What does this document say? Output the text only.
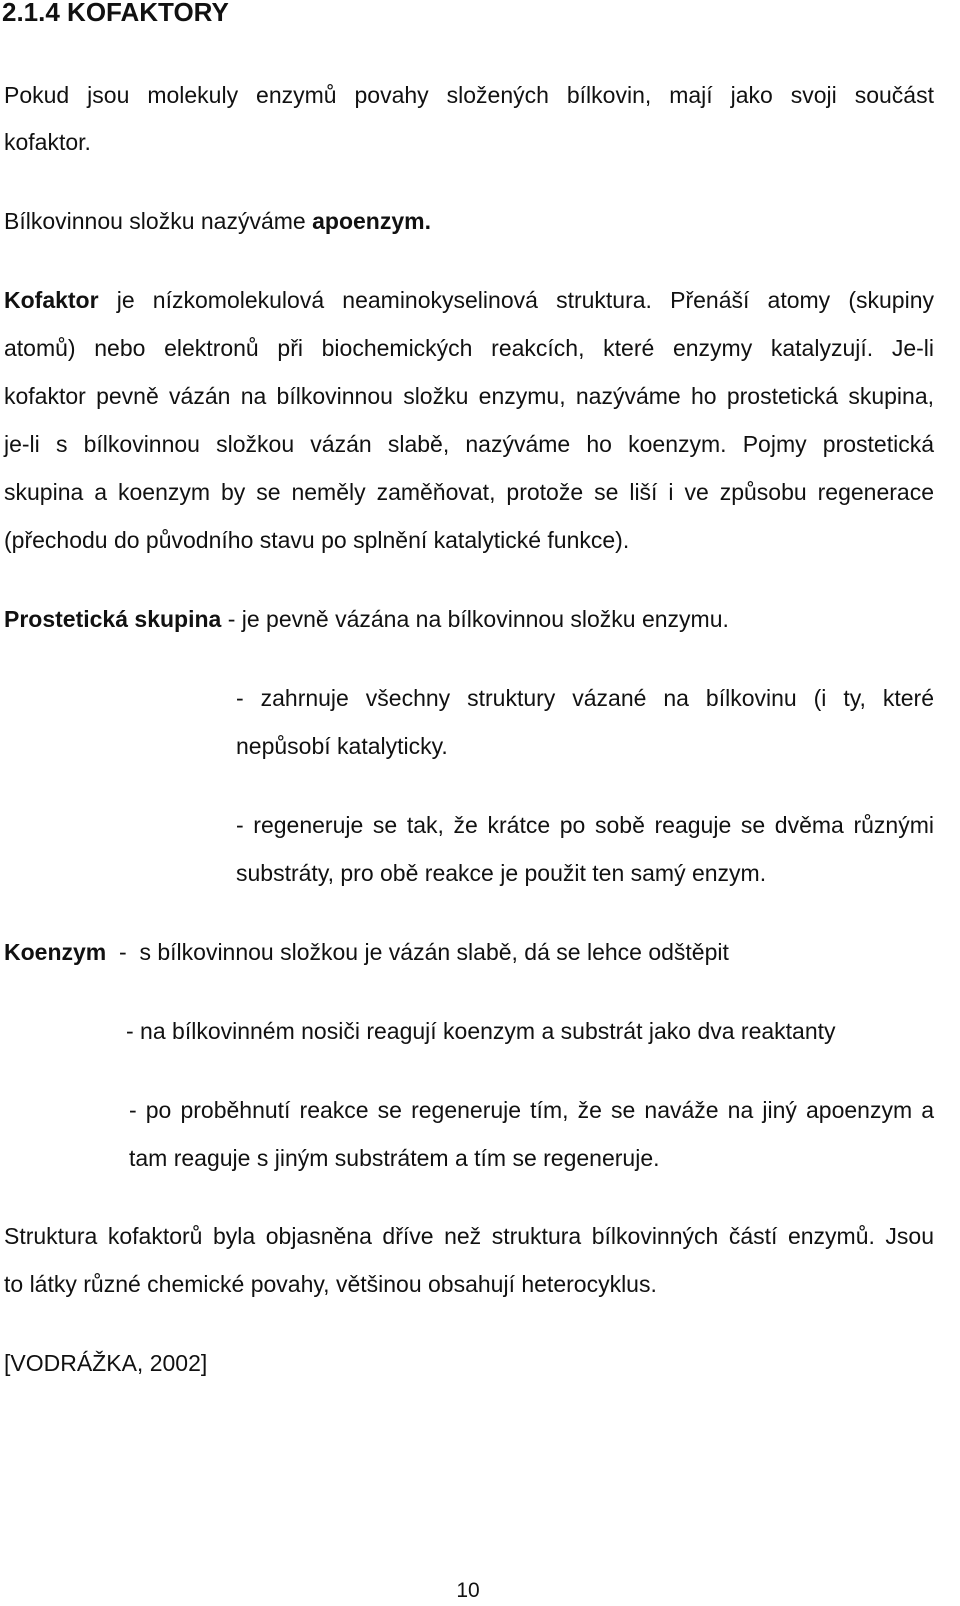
2.1.4 KOFAKTORY
Pokud jsou molekuly enzymů povahy složených bílkovin, mají jako svoji součást
kofaktor.
Bílkovinnou složku nazýváme apoenzym.
Kofaktor je nízkomolekulová neaminokyselinová struktura. Přenáší atomy (skupiny
atomů) nebo elektronů při biochemických reakcích, které enzymy katalyzují. Je-li
kofaktor pevně vázán na bílkovinnou složku enzymu, nazýváme ho prostetická skupina,
je-li s bílkovinnou složkou vázán slabě, nazýváme ho koenzym. Pojmy prostetická
skupina a koenzym by se neměly zaměňovat, protože se liší i ve způsobu regenerace
(přechodu do původního stavu po splnění katalytické funkce).
Prostetická skupina - je pevně vázána na bílkovinnou složku enzymu.
- zahrnuje všechny struktury vázané na bílkovinu (i ty, které
nepůsobí katalyticky.
- regeneruje se tak, že krátce po sobě reaguje se dvěma různými
substráty, pro obě reakce je použit ten samý enzym.
Koenzym  -  s bílkovinnou složkou je vázán slabě, dá se lehce odštěpit
- na bílkovinném nosiči reagují koenzym a substrát jako dva reaktanty
- po proběhnutí reakce se regeneruje tím, že se naváže na jiný apoenzym a
tam reaguje s jiným substrátem a tím se regeneruje.
Struktura kofaktorů byla objasněna dříve než struktura bílkovinných částí enzymů. Jsou
to látky různé chemické povahy, většinou obsahují heterocyklus.
[VODRÁŽKA, 2002]
10
